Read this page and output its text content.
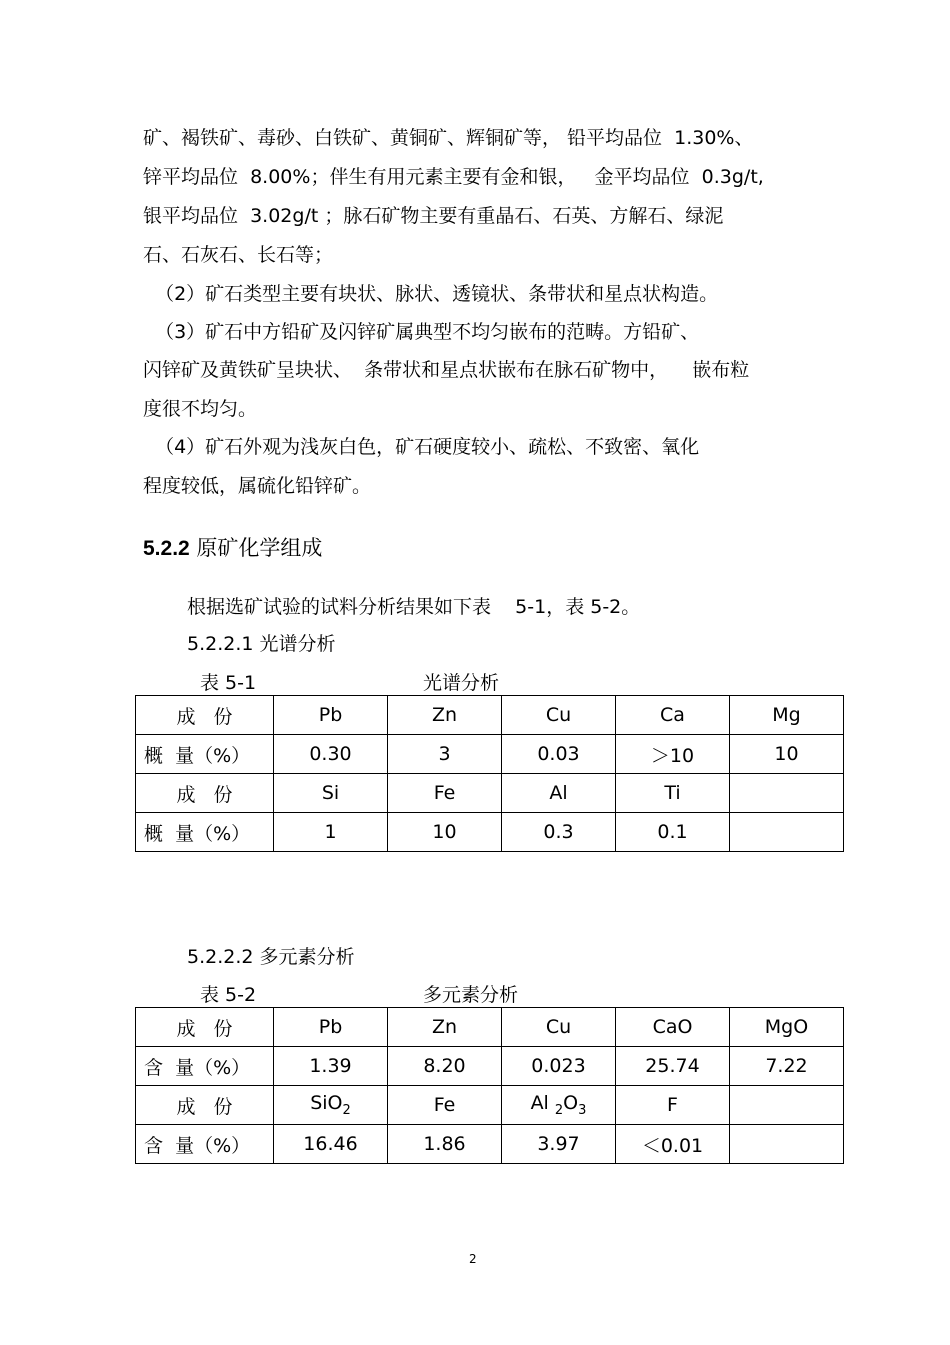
矿、褐铁矿、毒砂、白铁矿、黄铜矿、辉铜矿等， 铅平均品位  1.30%、
锌平均品位  8.00%；伴生有用元素主要有金和银，   金平均品位  0.3g/t,
银平均品位  3.02g/t ；脉石矿物主要有重晶石、石英、方解石、绿泥
石、石灰石、长石等；
（2）矿石类型主要有块状、脉状、透镜状、条带状和星点状构造。
（3）矿石中方铅矿及闪锌矿属典型不均匀嵌布的范畴。方铅矿、
闪锌矿及黄铁矿呈块状、  条带状和星点状嵌布在脉石矿物中，    嵌布粒
度很不均匀。
（4）矿石外观为浅灰白色，矿石硬度较小、疏松、不致密、氧化
程度较低，属硫化铅锌矿。
5.2.2 原矿化学组成
根据选矿试验的试料分析结果如下表    5-1，表 5-2。
5.2.2.1 光谱分析
表 5-1	光谱分析
成   份	Pb	Zn	Cu	Ca	Mg
概  量（%）	0.30	3	0.03	＞10	10
成   份	Si	Fe	Al	Ti	
概  量（%）	1	10	0.3	0.1	
5.2.2.2 多元素分析
表 5-2	多元素分析
成   份	Pb	Zn	Cu	CaO	MgO
含  量（%）	1.39	8.20	0.023	25.74	7.22
成   份	SiO$_2$	Fe	Al $_2O_3$	F	
含  量（%）	16.46	1.86	3.97	＜0.01	
2
